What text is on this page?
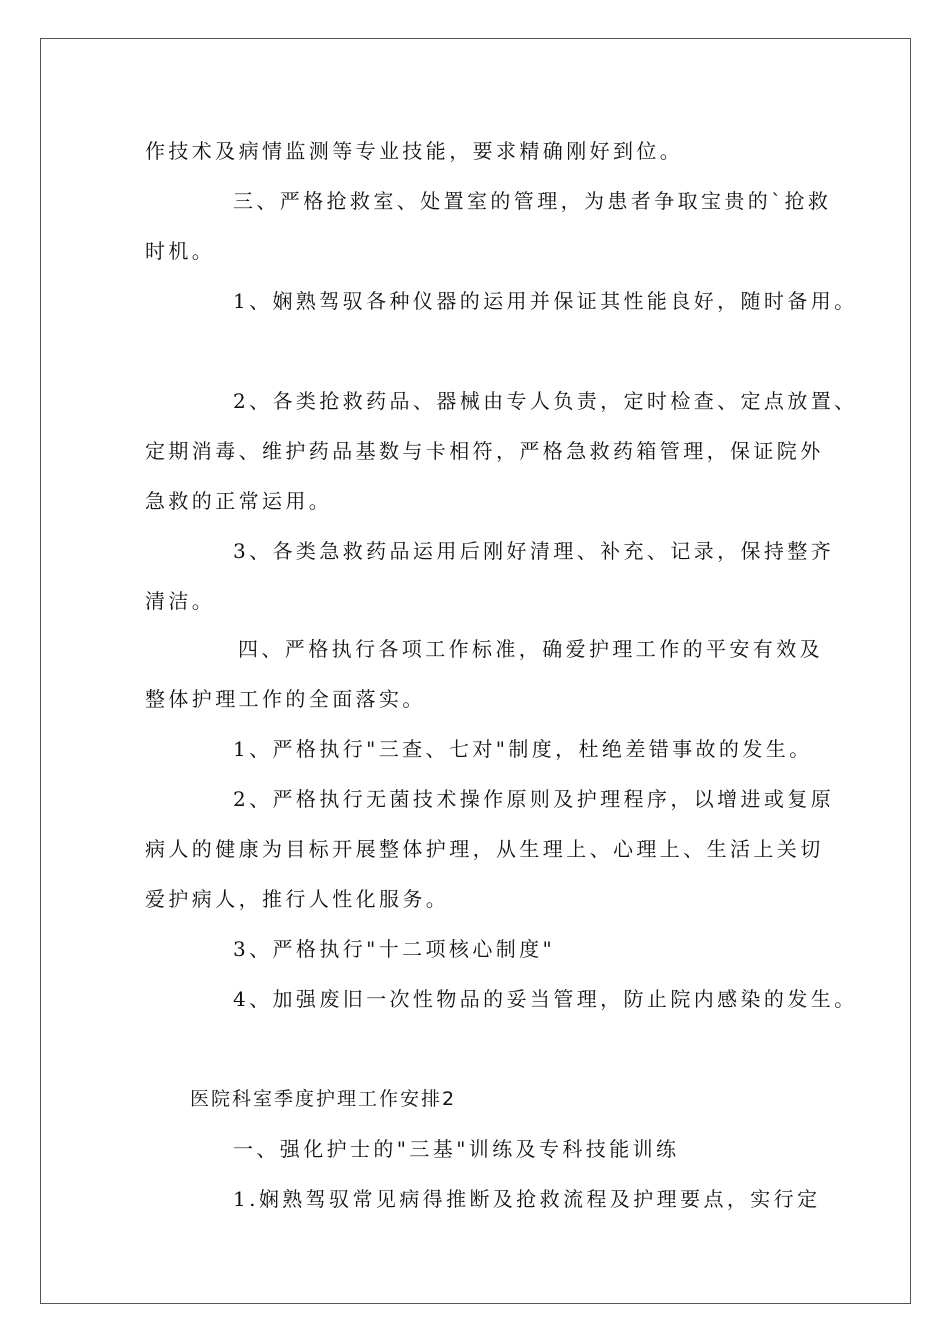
作技术及病情监测等专业技能，要求精确刚好到位。
三、严格抢救室、处置室的管理，为患者争取宝贵的`抢救
时机。
1、娴熟驾驭各种仪器的运用并保证其性能良好，随时备用。
2、各类抢救药品、器械由专人负责，定时检查、定点放置、
定期消毒、维护药品基数与卡相符，严格急救药箱管理，保证院外
急救的正常运用。
3、各类急救药品运用后刚好清理、补充、记录，保持整齐
清洁。
四、严格执行各项工作标准，确爱护理工作的平安有效及
整体护理工作的全面落实。
1、严格执行"三查、七对"制度，杜绝差错事故的发生。
2、严格执行无菌技术操作原则及护理程序，以增进或复原
病人的健康为目标开展整体护理，从生理上、心理上、生活上关切
爱护病人，推行人性化服务。
3、严格执行"十二项核心制度"
4、加强废旧一次性物品的妥当管理，防止院内感染的发生。
医院科室季度护理工作安排2
一、强化护士的"三基"训练及专科技能训练
1.娴熟驾驭常见病得推断及抢救流程及护理要点，实行定
